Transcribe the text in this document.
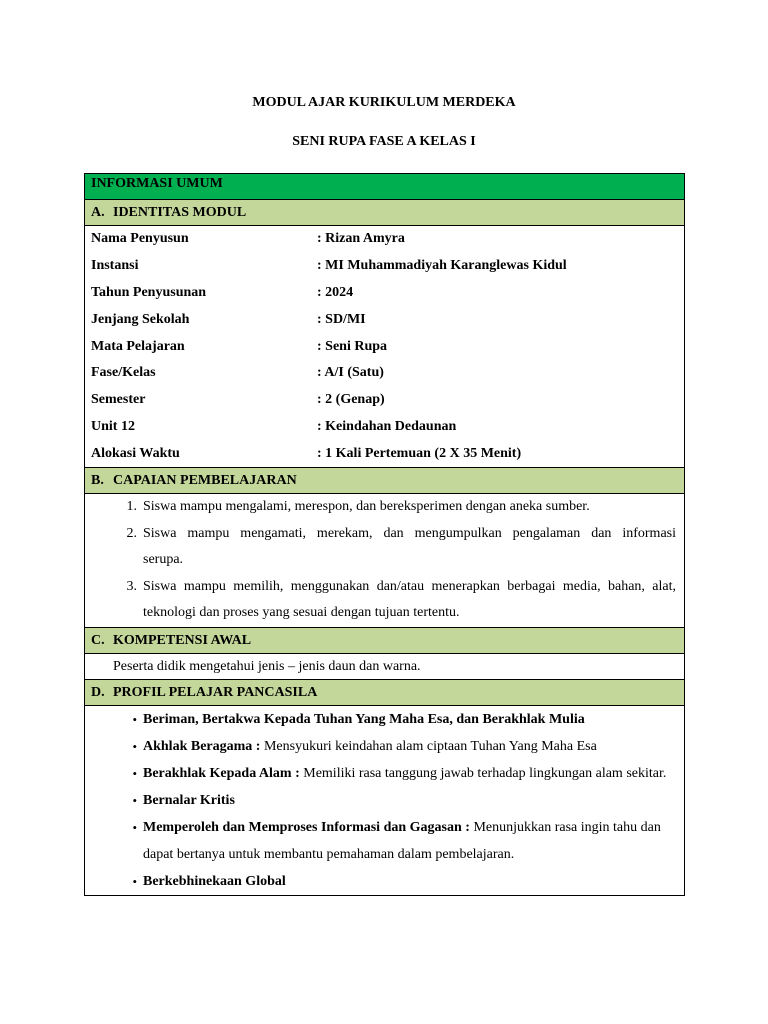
MODUL AJAR KURIKULUM MERDEKA
SENI RUPA FASE A KELAS I
INFORMASI UMUM
A. IDENTITAS MODUL

Nama Penyusun	: Rizan Amyra
Instansi	: MI Muhammadiyah Karanglewas Kidul
Tahun Penyusunan	: 2024
Jenjang Sekolah	: SD/MI
Mata Pelajaran	: Seni Rupa
Fase/Kelas	: A/I (Satu)
Semester	: 2 (Genap)
Unit 12	: Keindahan Dedaunan
Alokasi Waktu	: 1 Kali Pertemuan (2 X 35 Menit)

B. CAPAIAN PEMBELAJARAN

1. Siswa mampu mengalami, merespon, dan bereksperimen dengan aneka sumber.
2. Siswa mampu mengamati, merekam, dan mengumpulkan pengalaman dan informasi
serupa.
3. Siswa mampu memilih, menggunakan dan/atau menerapkan berbagai media, bahan, alat,
teknologi dan proses yang sesuai dengan tujuan tertentu.

C. KOMPETENSI AWAL
Peserta didik mengetahui jenis – jenis daun dan warna.
D. PROFIL PELAJAR PANCASILA

• Beriman, Bertakwa Kepada Tuhan Yang Maha Esa, dan Berakhlak Mulia
• Akhlak Beragama : Mensyukuri keindahan alam ciptaan Tuhan Yang Maha Esa
• Berakhlak Kepada Alam : Memiliki rasa tanggung jawab terhadap lingkungan alam sekitar.
• Bernalar Kritis
• Memperoleh dan Memproses Informasi dan Gagasan : Menunjukkan rasa ingin tahu dan dapat bertanya untuk membantu pemahaman dalam pembelajaran.
• Berkebhinekaan Global
